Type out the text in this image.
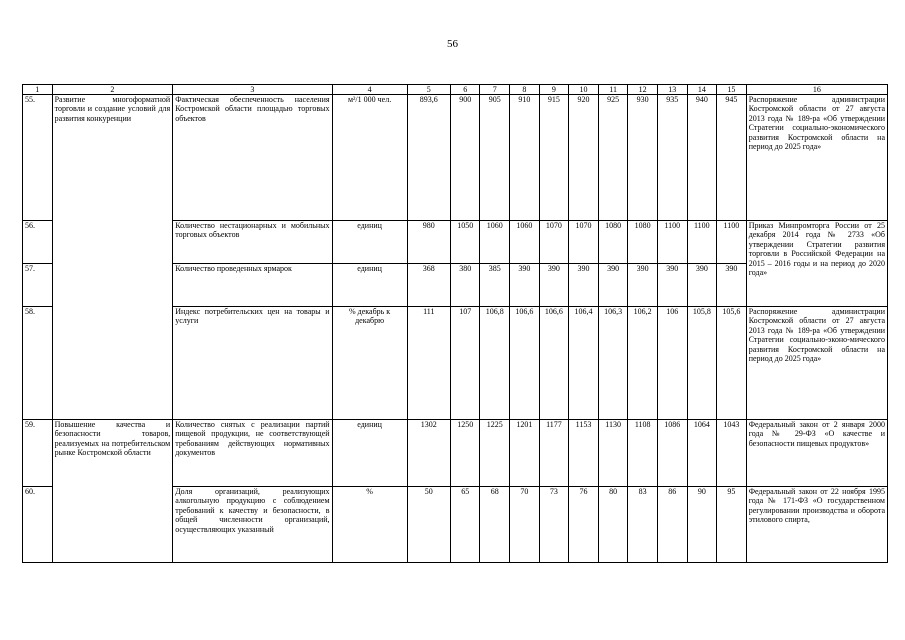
56
1	2	3	4	5	6	7	8	9	10	11	12	13	14	15	16
55.	Развитие многоформатной торговли и создание условий для развития конкуренции	Фактическая обеспеченность населения Костромской области площадью торговых объектов	м²/1 000 чел.	893,6	900	905	910	915	920	925	930	935	940	945	Распоряжение администрации Костромской области от 27 августа 2013 года № 189-ра «Об утверждении Стратегии социально-экономического развития Костромской области на период до 2025 года»
56.		Количество нестационарных и мобильных торговых объектов	единиц	980	1050	1060	1060	1070	1070	1080	1080	1100	1100	1100	Приказ Минпромторга России от 25 декабря 2014 года № 2733 «Об утверждении Стратегии развития торговли в Российской Федерации на 2015 – 2016 годы и на период до 2020 года»
57.		Количество проведенных ярмарок	единиц	368	380	385	390	390	390	390	390	390	390	390	
58.		Индекс потребительских цен на товары и услуги	% декабрь к декабрю	111	107	106,8	106,6	106,6	106,4	106,3	106,2	106	105,8	105,6	Распоряжение администрации Костромской области от 27 августа 2013 года № 189-ра «Об утверждении Стратегии социально-эконо-мического развития Костромской области на период до 2025 года»
59.	Повышение качества и безопасности товаров, реализуемых на потребительском рынке Костромской области	Количество снятых с реализации партий пищевой продукции, не соответствующей требованиям действующих нормативных документов	единиц	1302	1250	1225	1201	1177	1153	1130	1108	1086	1064	1043	Федеральный закон от 2 января 2000 года № 29-ФЗ «О качестве и безопасности пищевых продуктов»
60.		Доля организаций, реализующих алкогольную продукцию с соблюдением требований к качеству и безопасности, в общей численности организаций, осуществляющих указанный	%	50	65	68	70	73	76	80	83	86	90	95	Федеральный закон от 22 ноября 1995 года № 171-ФЗ «О государственном регулировании производства и оборота этилового спирта,
